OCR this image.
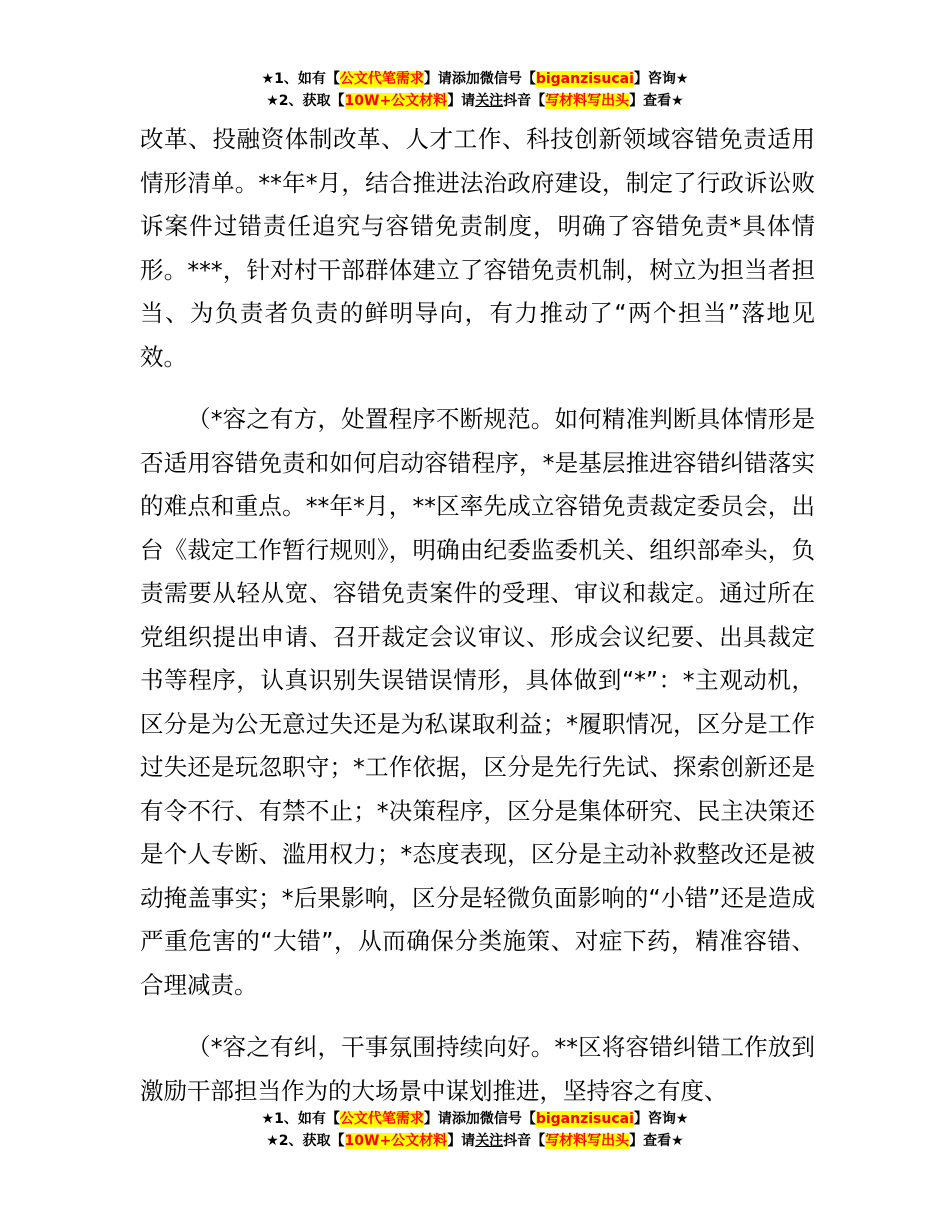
★1、如有【公文代笔需求】请添加微信号【biganzisucai】咨询★
★2、获取【10W+公文材料】请关注抖音【写材料写出头】查看★

改革、投融资体制改革、人才工作、科技创新领域容错免责适用情形清单。**年*月，结合推进法治政府建设，制定了行政诉讼败诉案件过错责任追究与容错免责制度，明确了容错免责*具体情形。***，针对村干部群体建立了容错免责机制，树立为担当者担当、为负责者负责的鲜明导向，有力推动了“两个担当”落地见效。

（*容之有方，处置程序不断规范。如何精准判断具体情形是否适用容错免责和如何启动容错程序，*是基层推进容错纠错落实的难点和重点。**年*月，**区率先成立容错免责裁定委员会，出台《裁定工作暂行规则》，明确由纪委监委机关、组织部牵头，负责需要从轻从宽、容错免责案件的受理、审议和裁定。通过所在党组织提出申请、召开裁定会议审议、形成会议纪要、出具裁定书等程序，认真识别失误错误情形，具体做到“*”：*主观动机，区分是为公无意过失还是为私谋取利益；*履职情况，区分是工作过失还是玩忽职守；*工作依据，区分是先行先试、探索创新还是有令不行、有禁不止；*决策程序，区分是集体研究、民主决策还是个人专断、滥用权力；*态度表现，区分是主动补救整改还是被动掩盖事实；*后果影响，区分是轻微负面影响的“小错”还是造成严重危害的“大错”，从而确保分类施策、对症下药，精准容错、合理减责。

（*容之有纠，干事氛围持续向好。**区将容错纠错工作放到激励干部担当作为的大场景中谋划推进，坚持容之有度、

★1、如有【公文代笔需求】请添加微信号【biganzisucai】咨询★
★2、获取【10W+公文材料】请关注抖音【写材料写出头】查看★
